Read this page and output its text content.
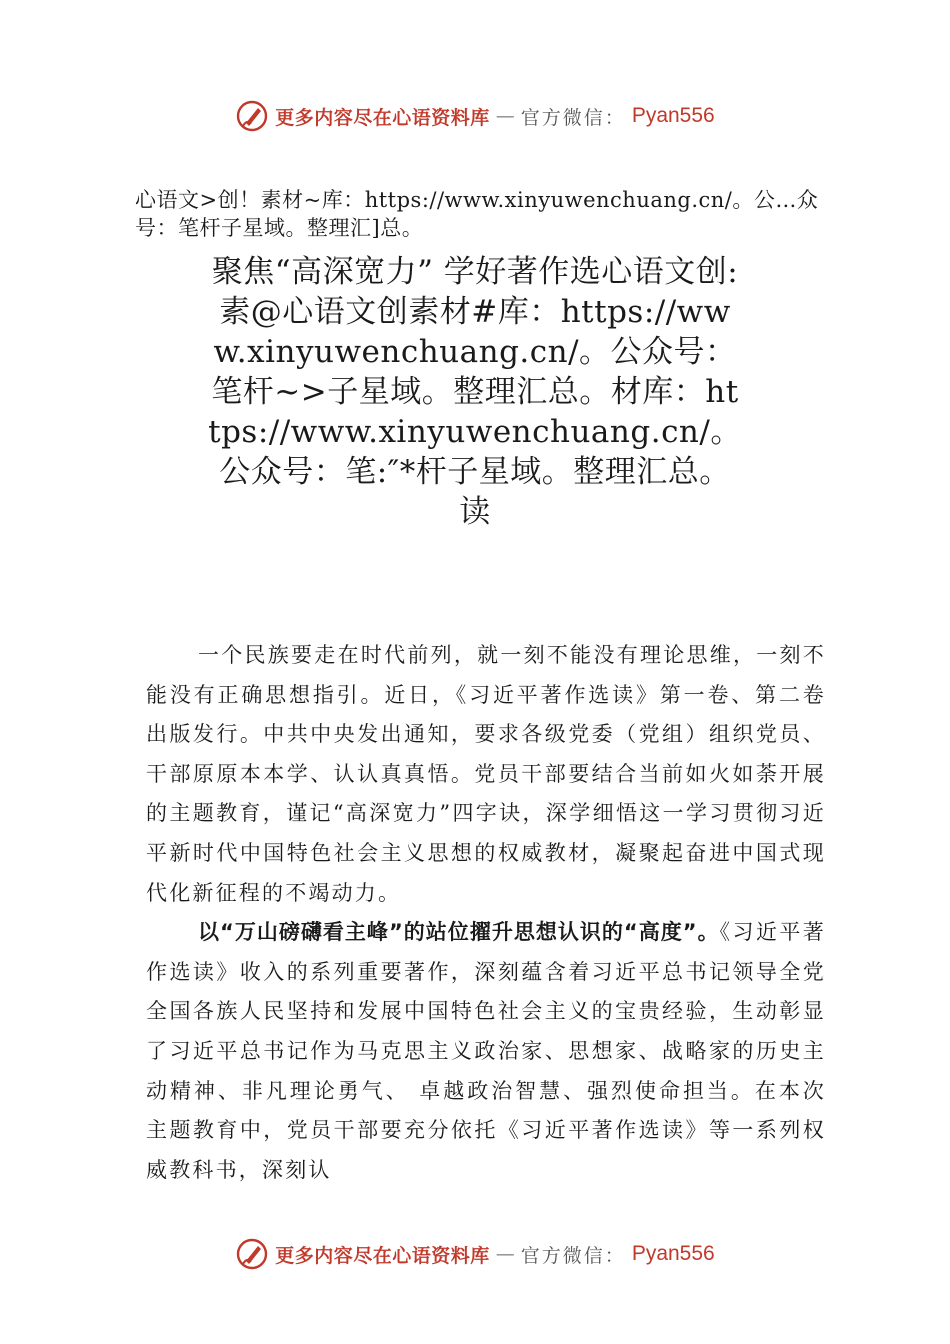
更多内容尽在心语资料库 — 官方微信： Pyan556

心语文>创！素材~库：https://www.xinyuwenchuang.cn/。公…众号：笔杆子星域。整理汇]总。

聚焦“高深宽力” 学好著作选心语文创:素@心语文创素材#库：https://www.xinyuwenchuang.cn/。公众号：笔杆~>子星域。整理汇总。材库：https://www.xinyuwenchuang.cn/。公众号：笔:″*杆子星域。整理汇总。读

一个民族要走在时代前列，就一刻不能没有理论思维，一刻不能没有正确思想指引。近日，《习近平著作选读》第一卷、第二卷出版发行。中共中央发出通知，要求各级党委（党组）组织党员、干部原原本本学、认认真真悟。党员干部要结合当前如火如荼开展的主题教育，谨记“高深宽力”四字诀，深学细悟这一学习贯彻习近平新时代中国特色社会主义思想的权威教材，凝聚起奋进中国式现代化新征程的不竭动力。

以“万山磅礴看主峰”的站位擢升思想认识的“高度”。《习近平著作选读》收入的系列重要著作，深刻蕴含着习近平总书记领导全党全国各族人民坚持和发展中国特色社会主义的宝贵经验，生动彰显了习近平总书记作为马克思主义政治家、思想家、战略家的历史主动精神、非凡理论勇气、 卓越政治智慧、强烈使命担当。在本次主题教育中，党员干部要充分依托《习近平著作选读》等一系列权威教科书，深刻认

更多内容尽在心语资料库 — 官方微信： Pyan556
